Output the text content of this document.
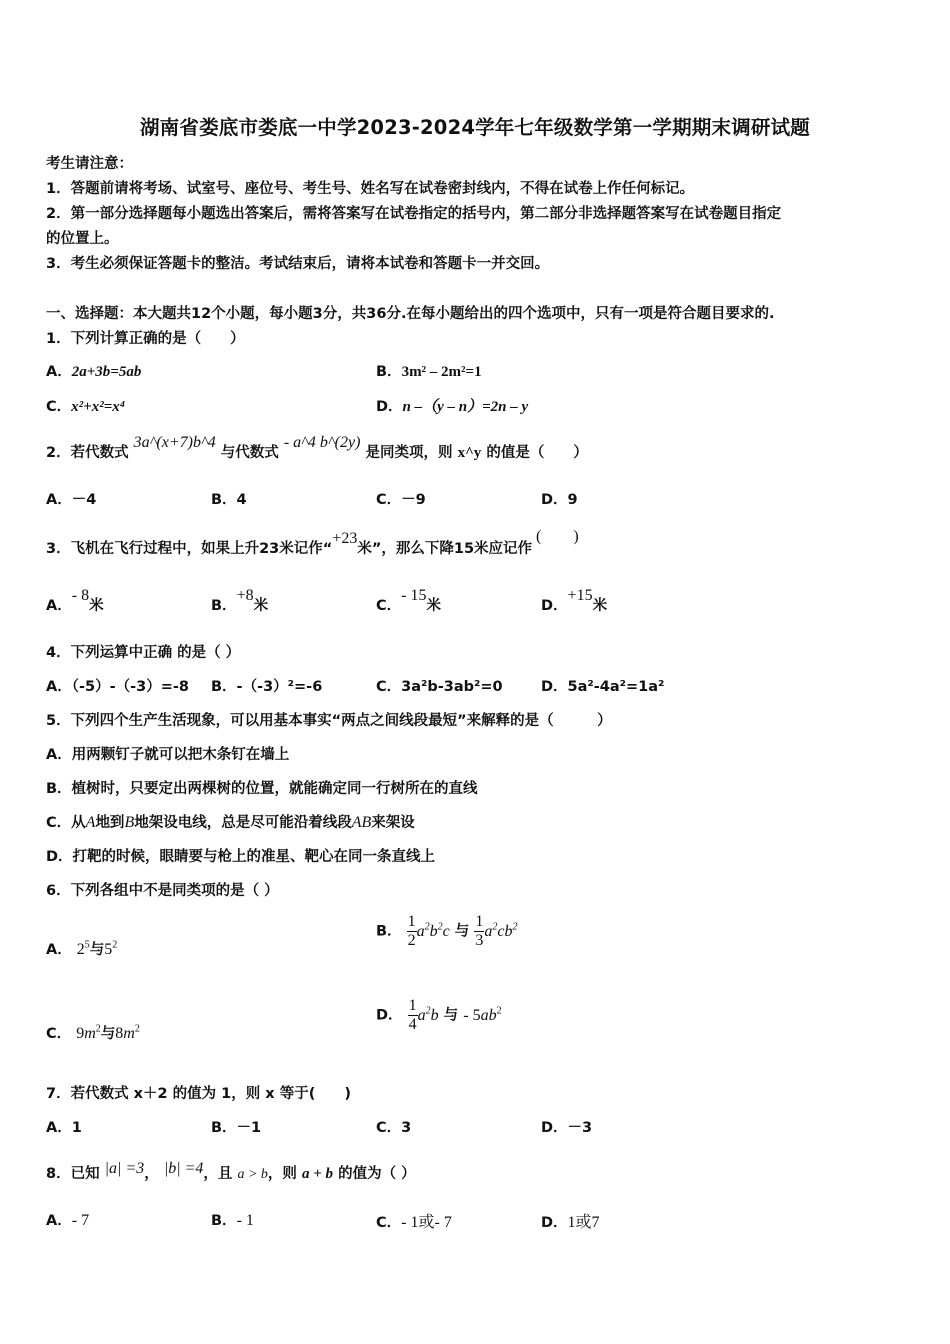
湖南省娄底市娄底一中学2023-2024学年七年级数学第一学期期末调研试题
考生请注意：
1．答题前请将考场、试室号、座位号、考生号、姓名写在试卷密封线内，不得在试卷上作任何标记。
2．第一部分选择题每小题选出答案后，需将答案写在试卷指定的括号内，第二部分非选择题答案写在试卷题目指定
的位置上。
3．考生必须保证答题卡的整洁。考试结束后，请将本试卷和答题卡一并交回。
一、选择题：本大题共12个小题，每小题3分，共36分.在每小题给出的四个选项中，只有一项是符合题目要求的.
1．下列计算正确的是（　　）
A．2a+3b=5ab	B．3m² – 2m²=1
C．x²+x²=x⁴	D．n –（y – n）=2n – y
2．若代数式 3a^(x+7)b^4 与代数式 - a^4 b^(2y) 是同类项，则 x^y 的值是（　　）
A．－4	B．4	C．－9	D．9
3．飞机在飞行过程中，如果上升23米记作“+23米”，那么下降15米应记作(　　)
A．- 8米	B．+8米	C．- 15米	D．+15米
4．下列运算中正确 的是（ ）
A．（-5）-（-3）=-8 B．-（-3）²=-6	C．3a²b-3ab²=0	D．5a²-4a²=1a²
5．下列四个生产生活现象，可以用基本事实“两点之间线段最短”来解释的是（　　　）
A．用两颗钉子就可以把木条钉在墙上
B．植树时，只要定出两棵树的位置，就能确定同一行树所在的直线
C．从A地到B地架设电线，总是尽可能沿着线段AB来架设
D．打靶的时候，眼睛要与枪上的准星、靶心在同一条直线上
6．下列各组中不是同类项的是（ ）
A． $2^5$与$5^2$
B． $\frac{1}{2} a^2b^2c$ 与 $\frac{1}{3} a^2cb^2$
C． $9m^2$与$8m^2$
D． $\frac{1}{4} a^2b$ 与 - $5ab^2$
7．若代数式 x＋2 的值为 1，则 x 等于(　　)
A．1	B．－1	C．3	D．－3
8．已知 |a| =3， |b| =4，且 a > b，则 a + b 的值为（ ）
A．- 7	B．- 1	C．- 1或- 7	D．1或7
